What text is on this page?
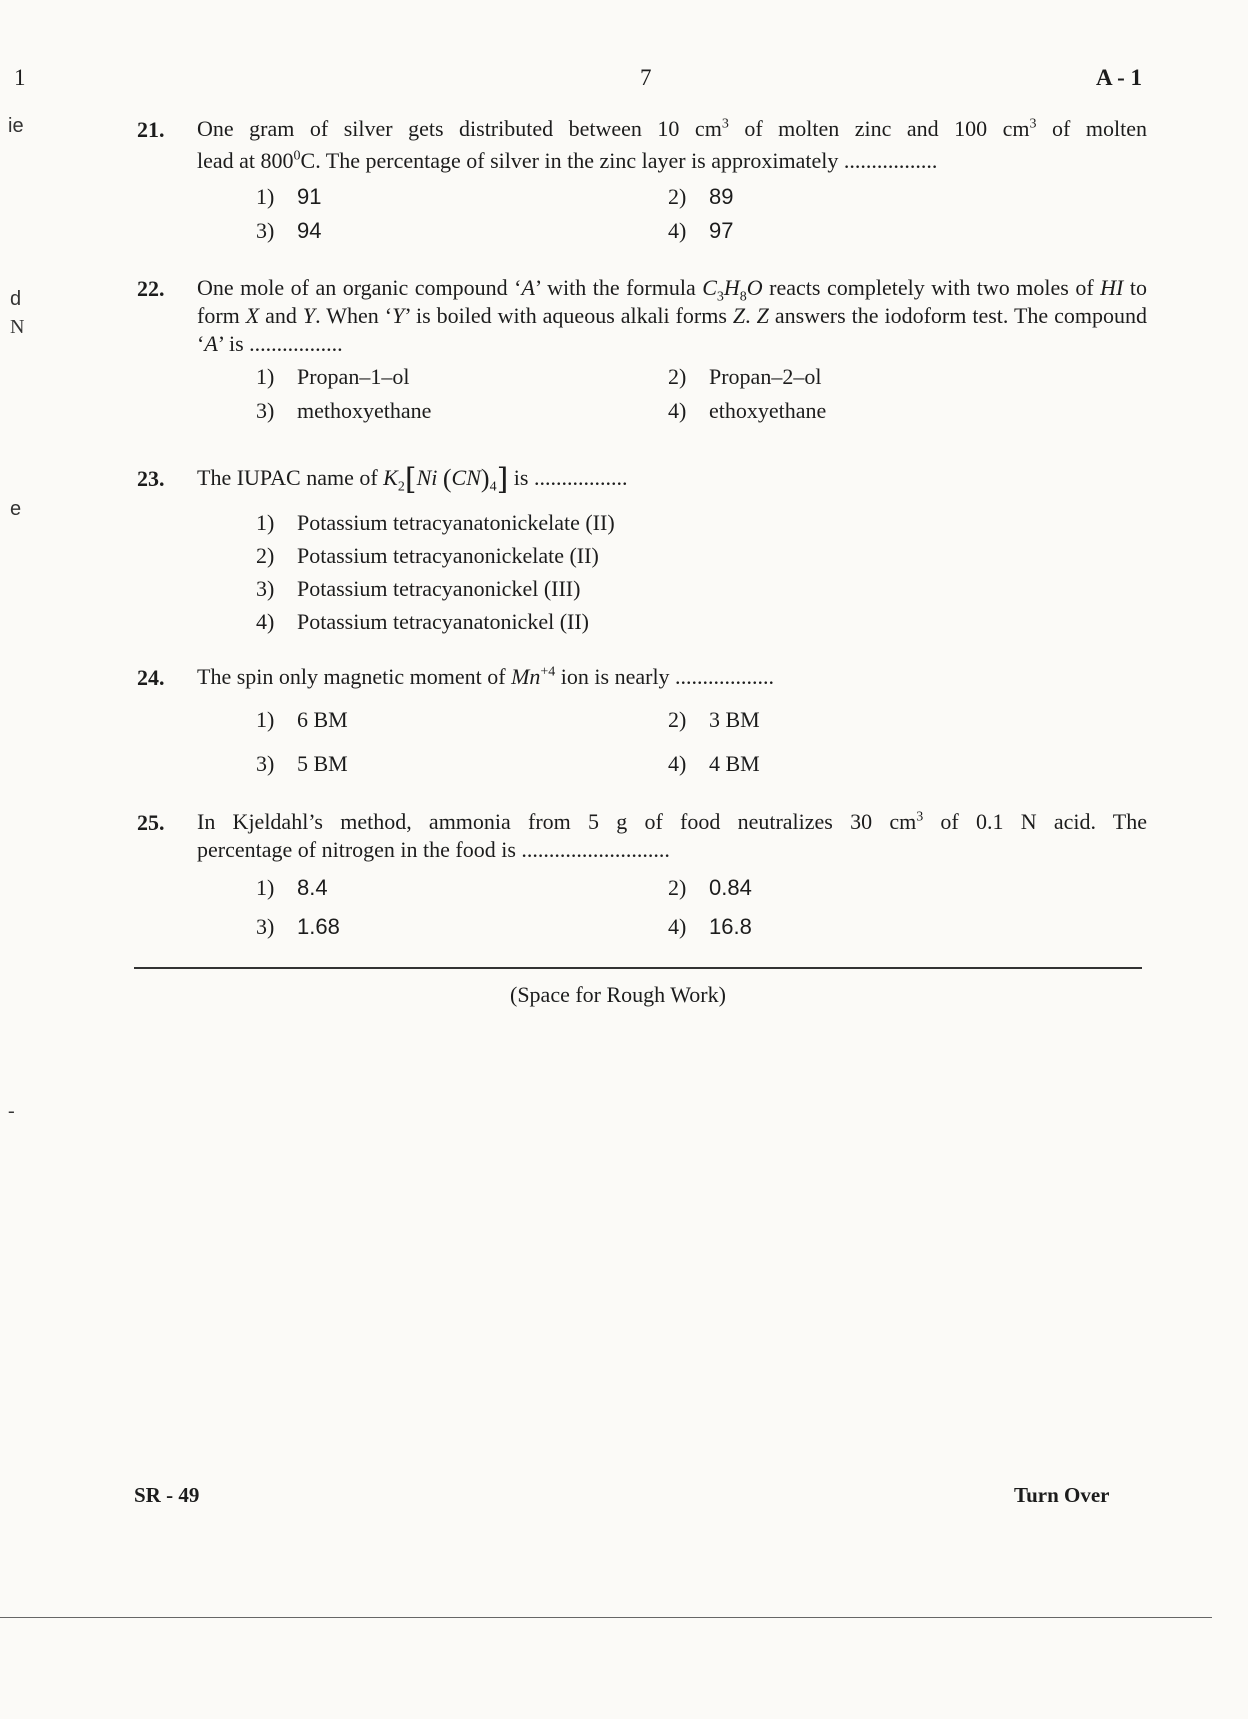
1	7	A - 1
ie
d
N
e
-
21. One gram of silver gets distributed between 10 $cm^3$ of molten zinc and 100 $cm^3$ of molten
lead at $800^0C$. The percentage of silver in the zinc layer is approximately .................
1) 91	2) 89
3) 94	4) 97
22. One mole of an organic compound ‘A’ with the formula $C_3H_8O$ reacts completely with two moles of HI to form X and Y. When ‘Y’ is boiled with aqueous alkali forms Z. Z answers the iodoform test. The compound ‘A’ is .................
1) Propan–1–ol	2) Propan–2–ol
3) methoxyethane	4) ethoxyethane
23. The IUPAC name of $K_2[Ni$ $(CN)_4$] is .................
1) Potassium tetracyanatonickelate (II)
2) Potassium tetracyanonickelate (II)
3) Potassium tetracyanonickel (III)
4) Potassium tetracyanatonickel (II)
24. The spin only magnetic moment of $Mn^{+4}$ ion is nearly ..................
1) 6 BM	2) 3 BM
3) 5 BM	4) 4 BM
25. In Kjeldahl’s method, ammonia from 5 g of food neutralizes 30 $cm^3$ of 0.1 N acid. The
percentage of nitrogen in the food is ...........................
1) 8.4	2) 0.84
3) 1.68	4) 16.8
(Space for Rough Work)
SR - 49	Turn Over
